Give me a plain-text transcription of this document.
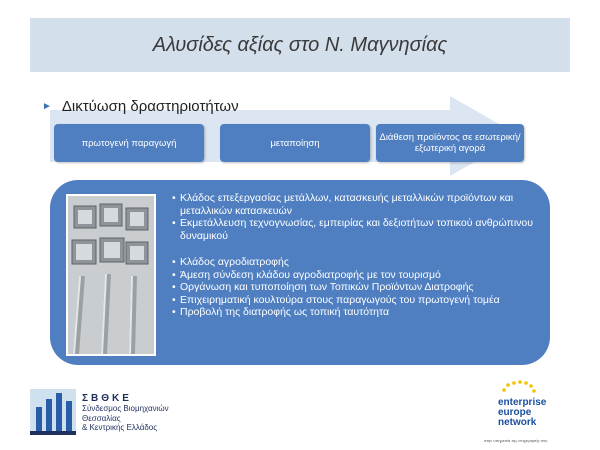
Αλυσίδες αξίας στο Ν. Μαγνησίας
► Δικτύωση δραστηριοτήτων
πρωτογενή παραγωγή	μεταποίηση	Διάθεση προϊόντος σε εσωτερική/εξωτερική αγορά
• Κλάδος επεξεργασίας μετάλλων, κατασκευής μεταλλικών προϊόντων και μεταλλικών κατασκευών
• Εκμετάλλευση τεχνογνωσίας, εμπειρίας και δεξιοτήτων τοπικού ανθρώπινου δυναμικού
• Κλάδος αγροδιατροφής
• Άμεση σύνδεση κλάδου αγροδιατροφής με τον τουρισμό
• Οργάνωση και τυποποίηση των Τοπικών Προϊόντων Διατροφής
• Επιχειρηματική κουλτούρα στους παραγωγούς του πρωτογενή τομέα
• Προβολή της διατροφής ως τοπική ταυτότητα
ΣΒΘΚΕ
Σύνδεσμος Βιομηχανιών
Θεσσαλίας
& Κεντρικής Ελλάδος
enterprise
europe
network
στην υπηρεσία της επιχείρησής σας
